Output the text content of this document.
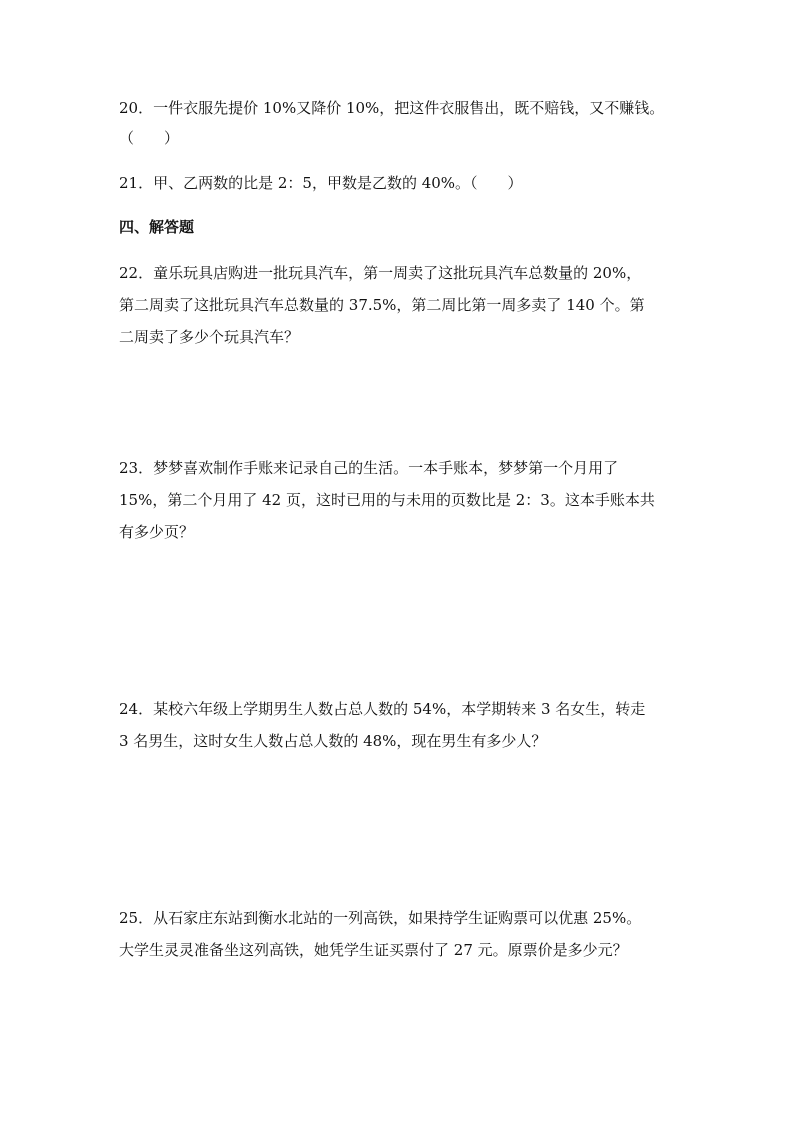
20．一件衣服先提价 10%又降价 10%，把这件衣服售出，既不赔钱，又不赚钱。
（　　）
21．甲、乙两数的比是 2：5，甲数是乙数的 40%。（　　）
四、解答题
22．童乐玩具店购进一批玩具汽车，第一周卖了这批玩具汽车总数量的 20%，
第二周卖了这批玩具汽车总数量的 37.5%，第二周比第一周多卖了 140 个。第
二周卖了多少个玩具汽车？
23．梦梦喜欢制作手账来记录自己的生活。一本手账本，梦梦第一个月用了
15%，第二个月用了 42 页，这时已用的与未用的页数比是 2：3。这本手账本共
有多少页？
24．某校六年级上学期男生人数占总人数的 54%，本学期转来 3 名女生，转走
3 名男生，这时女生人数占总人数的 48%，现在男生有多少人？
25．从石家庄东站到衡水北站的一列高铁，如果持学生证购票可以优惠 25%。
大学生灵灵准备坐这列高铁，她凭学生证买票付了 27 元。原票价是多少元？
